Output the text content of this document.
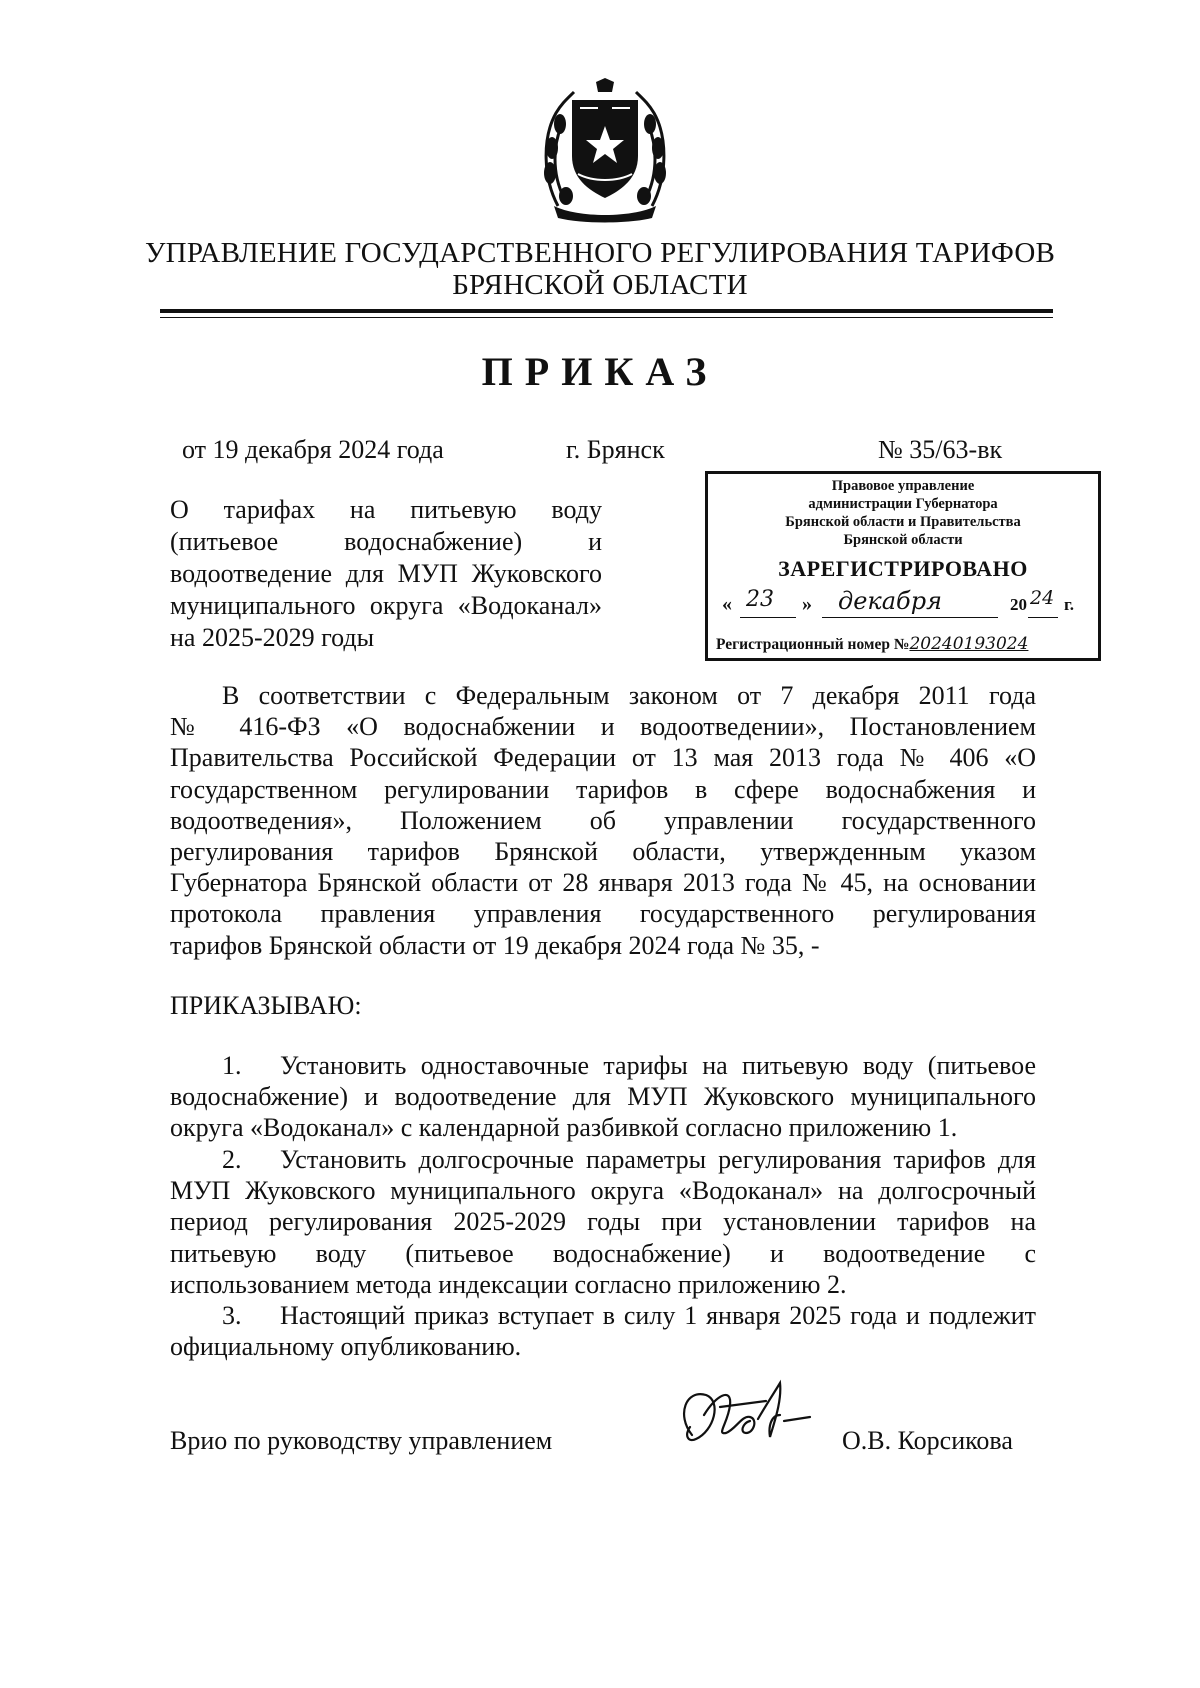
УПРАВЛЕНИЕ ГОСУДАРСТВЕННОГО РЕГУЛИРОВАНИЯ ТАРИФОВ
БРЯНСКОЙ ОБЛАСТИ
ПРИКАЗ
от 19 декабря 2024 года	г. Брянск	№ 35/63-вк
О тарифах на питьевую воду
(питьевое водоснабжение) и
водоотведение для МУП Жуковского
муниципального округа «Водоканал»
на 2025-2029 годы
Правовое управление
администрации Губернатора
Брянской области и Правительства
Брянской области
ЗАРЕГИСТРИРОВАНО
« 23 » декабря	20 24 г.
Регистрационный номер №20240193024
В соответствии с Федеральным законом от 7 декабря 2011 года
№ 416-ФЗ «О водоснабжении и водоотведении», Постановлением
Правительства Российской Федерации от 13 мая 2013 года № 406 «О
государственном регулировании тарифов в сфере водоснабжения и
водоотведения», Положением об управлении государственного
регулирования тарифов Брянской области, утвержденным указом
Губернатора Брянской области от 28 января 2013 года № 45, на основании
протокола правления управления государственного регулирования
тарифов Брянской области от 19 декабря 2024 года № 35, -
ПРИКАЗЫВАЮ:
1. Установить одноставочные тарифы на питьевую воду (питьевое
водоснабжение) и водоотведение для МУП Жуковского муниципального
округа «Водоканал» с календарной разбивкой согласно приложению 1.
2. Установить долгосрочные параметры регулирования тарифов для
МУП Жуковского муниципального округа «Водоканал» на долгосрочный
период регулирования 2025-2029 годы при установлении тарифов на
питьевую воду (питьевое водоснабжение) и водоотведение с
использованием метода индексации согласно приложению 2.
3. Настоящий приказ вступает в силу 1 января 2025 года и подлежит
официальному опубликованию.
Врио по руководству управлением	О.В. Корсикова
